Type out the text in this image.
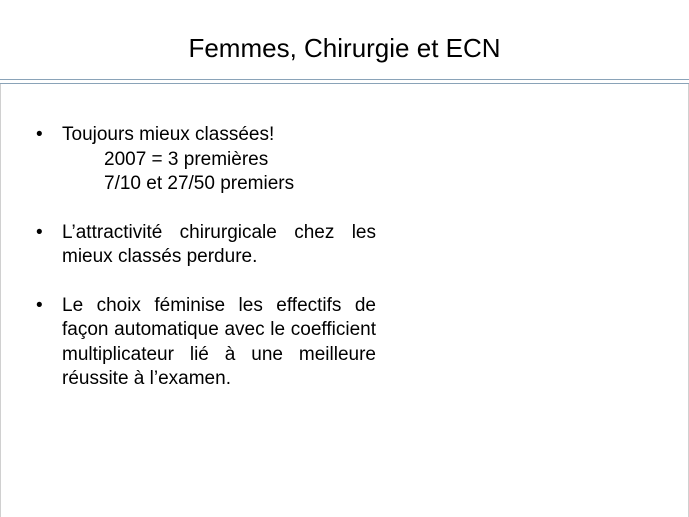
Femmes, Chirurgie et ECN
•	Toujours mieux classées!
2007 = 3 premières
7/10 et 27/50 premiers
•	L’attractivité chirurgicale chez les mieux classés perdure.
•	Le choix féminise les effectifs de façon automatique avec le coefficient multiplicateur lié à une meilleure réussite à l’examen.
